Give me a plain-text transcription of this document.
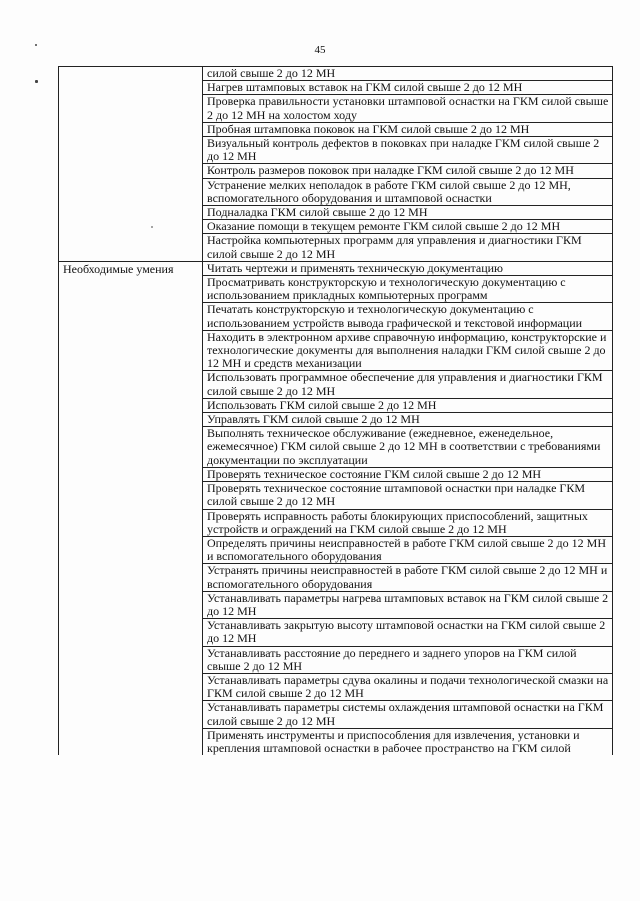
45
	силой свыше 2 до 12 МН
	Нагрев штамповых вставок на ГКМ силой свыше 2 до 12 МН
	Проверка правильности установки штамповой оснастки на ГКМ силой свыше 2 до 12 МН на холостом ходу
	Пробная штамповка поковок на ГКМ силой свыше 2 до 12 МН
	Визуальный контроль дефектов в поковках при наладке ГКМ силой свыше 2 до 12 МН
	Контроль размеров поковок при наладке ГКМ силой свыше 2 до 12 МН
	Устранение мелких неполадок в работе ГКМ силой свыше 2 до 12 МН, вспомогательного оборудования и штамповой оснастки
	Подналадка ГКМ силой свыше 2 до 12 МН
	Оказание помощи в текущем ремонте ГКМ силой свыше 2 до 12 МН
	Настройка компьютерных программ для управления и диагностики ГКМ силой свыше 2 до 12 МН
Необходимые умения	Читать чертежи и применять техническую документацию
	Просматривать конструкторскую и технологическую документацию с использованием прикладных компьютерных программ
	Печатать конструкторскую и технологическую документацию с использованием устройств вывода графической и текстовой информации
	Находить в электронном архиве справочную информацию, конструкторские и технологические документы для выполнения наладки ГКМ силой свыше 2 до 12 МН и средств механизации
	Использовать программное обеспечение для управления и диагностики ГКМ силой свыше 2 до 12 МН
	Использовать ГКМ силой свыше 2 до 12 МН
	Управлять ГКМ силой свыше 2 до 12 МН
	Выполнять техническое обслуживание (ежедневное, еженедельное, ежемесячное) ГКМ силой свыше 2 до 12 МН в соответствии с требованиями документации по эксплуатации
	Проверять техническое состояние ГКМ силой свыше 2 до 12 МН
	Проверять техническое состояние штамповой оснастки при наладке ГКМ силой свыше 2 до 12 МН
	Проверять исправность работы блокирующих приспособлений, защитных устройств и ограждений на ГКМ силой свыше 2 до 12 МН
	Определять причины неисправностей в работе ГКМ силой свыше 2 до 12 МН и вспомогательного оборудования
	Устранять причины неисправностей в работе ГКМ силой свыше 2 до 12 МН и вспомогательного оборудования
	Устанавливать параметры нагрева штамповых вставок на ГКМ силой свыше 2 до 12 МН
	Устанавливать закрытую высоту штамповой оснастки на ГКМ силой свыше 2 до 12 МН
	Устанавливать расстояние до переднего и заднего упоров на ГКМ силой свыше 2 до 12 МН
	Устанавливать параметры сдува окалины и подачи технологической смазки на ГКМ силой свыше 2 до 12 МН
	Устанавливать параметры системы охлаждения штамповой оснастки на ГКМ силой свыше 2 до 12 МН
	Применять инструменты и приспособления для извлечения, установки и крепления штамповой оснастки в рабочее пространство на ГКМ силой
